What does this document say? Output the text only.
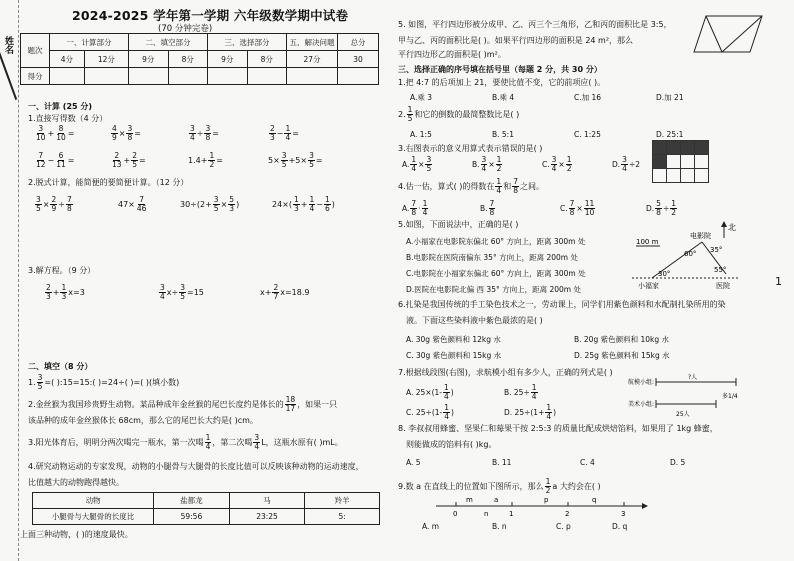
姓名
2024-2025 学年第一学期 六年级数学期中试卷
(70 分钟完卷)
题次	一、计算部分		二、填空部分		三、选择部分		五、解决问题	总分
	4分	12分	9分	8分	9分	8分	27分	30
得分								
一、计算 (25 分)
1.直接写得数（4 分）
$\frac{3}{10} + \frac{8}{10}$ =	$\frac{4}{9} \times \frac{3}{8}$ =	$\frac{3}{4} \div \frac{3}{8}$ =	$\frac{2}{3} - \frac{1}{4}$ =
$\frac{7}{12} - \frac{6}{11}$ =	$\frac{2}{13} + \frac{2}{5}$ =	$1.4+ \frac{1}{2}$ =	$5\times \frac{3}{5} +5\times \frac{3}{5}$ =
2.脱式计算，能简便的要简便计算。（12 分）
$\frac{3}{5} \times \frac{2}{9} \div \frac{7}{8}$	$47\times \frac{7}{46}$	$30\div(2+ \frac{3}{5} \times \frac{5}{3}$ )	$24\times( \frac{1}{3} + \frac{1}{4} - \frac{1}{6}$ )
3.解方程。（9 分）
$\frac{2}{3} + \frac{1}{3} x=3$	$\frac{3}{4} x\div \frac{3}{5} =15$	$x+ \frac{2}{7} x=18.9$
二、填空（8 分）
1. $\frac{3}{5}$ = ( ):15=15:( )=24÷( )=( )(填小数)
2.金丝猴为我国珍贵野生动物。某品种成年金丝猴的尾巴长度约是体长的 $\frac{18}{17}$ ，如果一只
该品种的成年金丝猴体长 68cm，那么它的尾巴长大约是( )cm。
3.阳光体育后，明明分两次喝完一瓶水，第一次喝 $\frac{1}{4}$ ，第二次喝 $\frac{3}{4}$ L，这瓶水原有( )mL。
4.研究动物运动的专家发现，动物的小腿骨与大腿骨的长度比值可以反映该种动物的运动速度，
比值越大的动物跑得越快。
动物	盐都龙	马	羚羊
小腿骨与大腿骨的长度比	59:56	23:25	5:
上面三种动物，( )的速度最快。
5. 如图，平行四边形被分成甲、乙、丙三个三角形，乙和丙的面积比是 3:5，
甲与乙、丙的面积比是( )。如果平行四边形的面积是 24 m²，那么
平行四边形乙的面积是( )m²。
三、选择正确的序号填在括号里（每题 2 分，共 30 分）
1.把 4:7 的后项加上 21，要使比值不变，它的前项应( )。
A.乘 3	B.乘 4	C.加 16	D.加 21
2. $\frac{1}{5}$ 和它的倒数的最简整数比是( )
A. 1:5	B. 5:1	C. 1:25	D. 25:1
3.右图表示的意义用算式表示错误的是( )

A. $\frac{1}{4} \times \frac{3}{5}$	B. $\frac{3}{4} \times \frac{1}{2}$	C. $\frac{3}{4} \times \frac{1}{2}$	D. $\frac{3}{4} \div 2$
4.估一估，算式( )的得数在 $\frac{1}{4}$ 和 $\frac{7}{8}$ 之间。
A. $\frac{7}{8} \cdot \frac{1}{4}$	B. $\frac{7}{8}$	C. $\frac{7}{8} \times \frac{11}{10}$	D. $\frac{5}{8} \div \frac{1}{2}$
5.如图，下面说法中，正确的是( )
A.小福家在电影院东偏北 60° 方向上，距离 300m 处
B.电影院在医院南偏东 35° 方向上，距离 200m 处
C.电影院在小福家东偏北 60° 方向上，距离 300m 处
D.医院在电影院北偏 西 35° 方向上，距离 200m 处
北
100 m
电影院
60° 35°
30°	55°
小福家	医院
6.扎染是我国传统的手工染色技术之一，劳动课上，同学们用紫色颜料和水配制扎染所用的染
液。下面这些染料液中紫色最浓的是( )
A. 30g 紫色颜料和 12kg 水	B. 20g 紫色颜料和 10kg 水
C. 30g 紫色颜料和 15kg 水	D. 25g 紫色颜料和 15kg 水
7.根据线段图(右图)，求航模小组有多少人，正确的列式是( )
A. $25\times(1- \frac{1}{4}$ )	B. $25\div \frac{1}{4}$
C. $25\div(1- \frac{1}{4}$ )	D. $25\div(1+ \frac{1}{4}$ )
航模小组:
?人
美术小组:
25人
多1/4
8. 李叔叔用蜂蜜、坚果仁和莓果干按 2:5:3 的质量比配成烘焙馅料，如果用了 1kg 蜂蜜，
则能做成的馅料有( )kg。
A. 5	B. 11	C. 4	D. 5
9.数 a 在直线上的位置如下图所示，那么 $\frac{1}{2}$ a 大约会在( )
0	1	2	3
m	a
n
p	q
A. m	B. n	C. p	D. q
1
